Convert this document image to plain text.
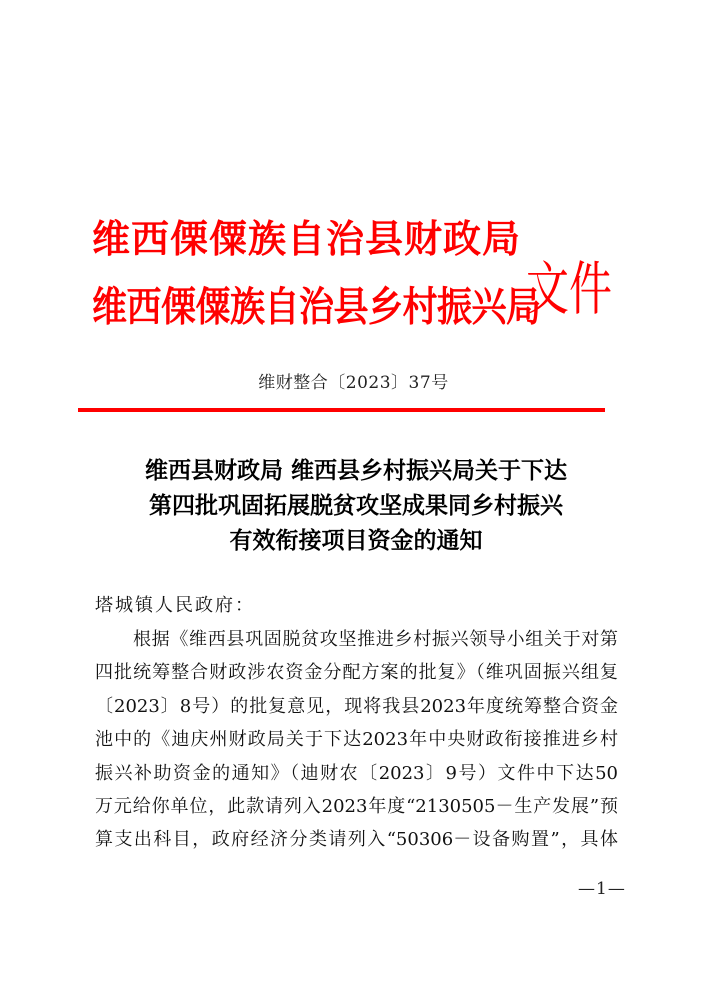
维西傈僳族自治县财政局
维西傈僳族自治县乡村振兴局
文件
维财整合〔2023〕37号
维西县财政局 维西县乡村振兴局关于下达
第四批巩固拓展脱贫攻坚成果同乡村振兴
有效衔接项目资金的通知
塔城镇人民政府：
根据《维西县巩固脱贫攻坚推进乡村振兴领导小组关于对第
四批统筹整合财政涉农资金分配方案的批复》（维巩固振兴组复
〔2023〕8号）的批复意见，现将我县2023年度统筹整合资金
池中的《迪庆州财政局关于下达2023年中央财政衔接推进乡村
振兴补助资金的通知》（迪财农〔2023〕9号）文件中下达50
万元给你单位，此款请列入2023年度“2130505－生产发展”预
算支出科目，政府经济分类请列入“50306－设备购置”，具体
—1—
